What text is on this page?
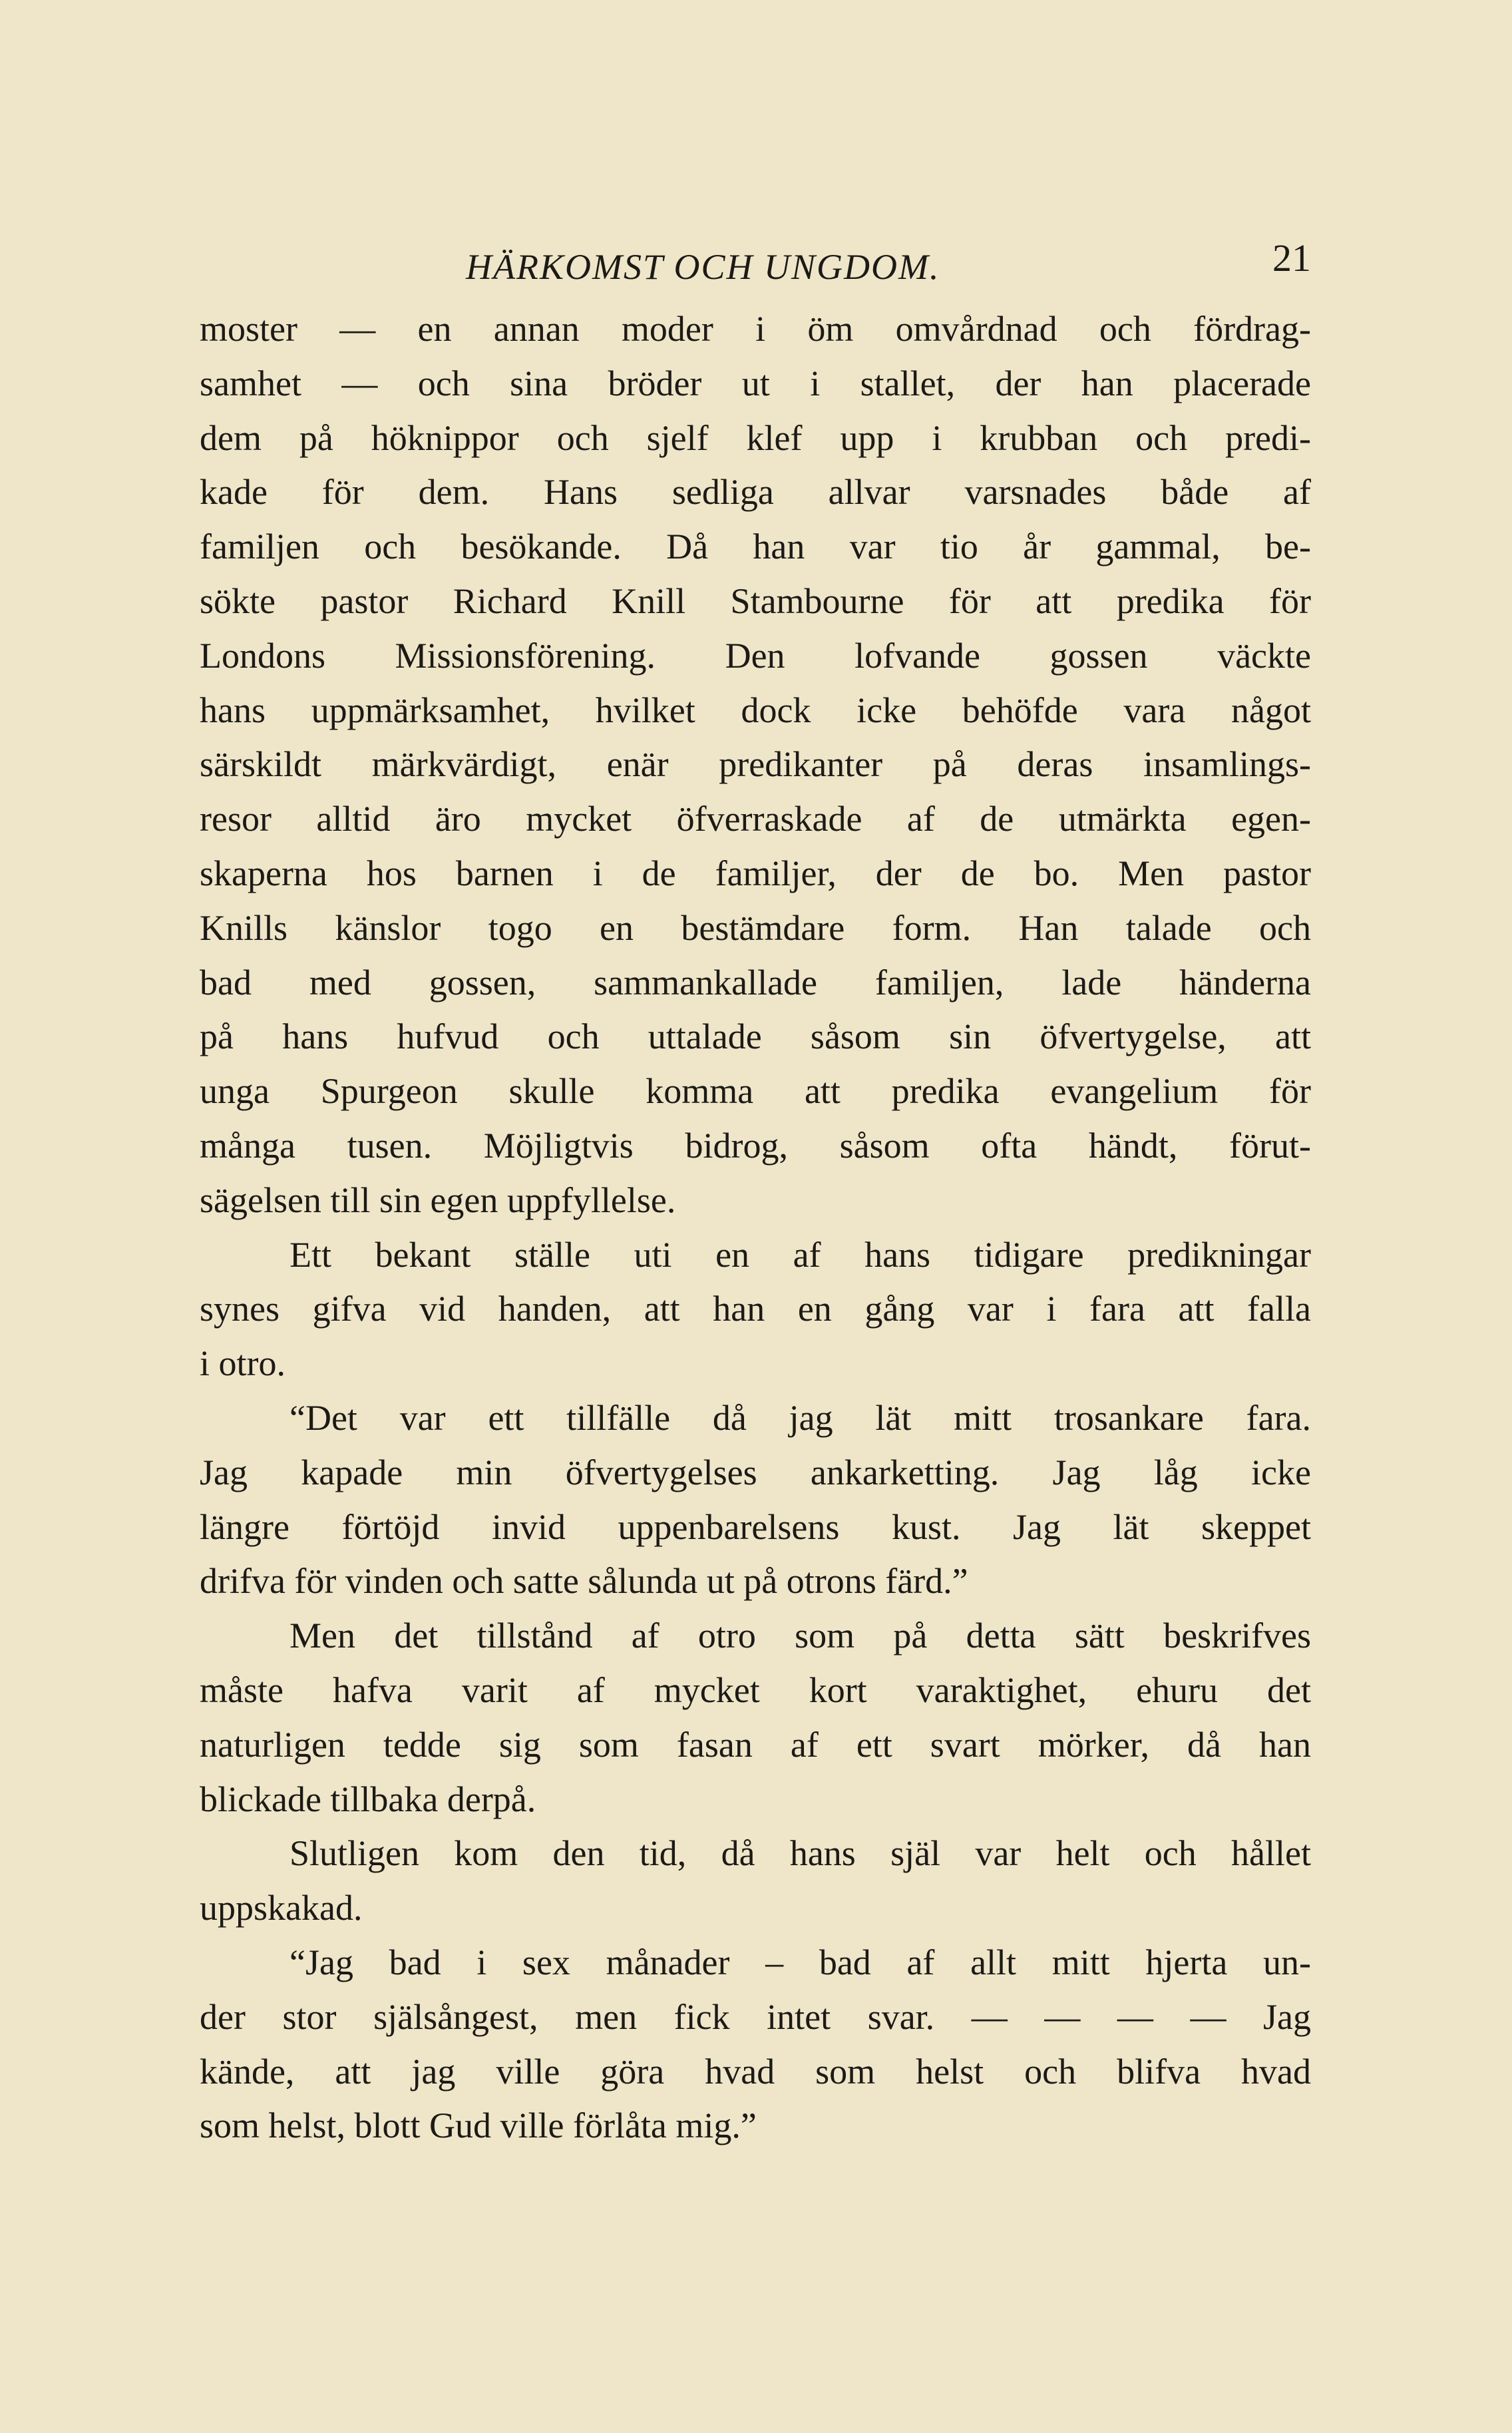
HÄRKOMST OCH UNGDOM.	21
moster — en annan moder i öm omvårdnad och fördrag-
samhet — och sina bröder ut i stallet, der han placerade
dem på höknippor och sjelf klef upp i krubban och predi-
kade för dem. Hans sedliga allvar varsnades både af
familjen och besökande. Då han var tio år gammal, be-
sökte pastor Richard Knill Stambourne för att predika för
Londons Missionsförening. Den lofvande gossen väckte
hans uppmärksamhet, hvilket dock icke behöfde vara något
särskildt märkvärdigt, enär predikanter på deras insamlings-
resor alltid äro mycket öfverraskade af de utmärkta egen-
skaperna hos barnen i de familjer, der de bo. Men pastor
Knills känslor togo en bestämdare form. Han talade och
bad med gossen, sammankallade familjen, lade händerna
på hans hufvud och uttalade såsom sin öfvertygelse, att
unga Spurgeon skulle komma att predika evangelium för
många tusen. Möjligtvis bidrog, såsom ofta händt, förut-
sägelsen till sin egen uppfyllelse.
Ett bekant ställe uti en af hans tidigare predikningar
synes gifva vid handen, att han en gång var i fara att falla
i otro.
“Det var ett tillfälle då jag lät mitt trosankare fara.
Jag kapade min öfvertygelses ankarketting. Jag låg icke
längre förtöjd invid uppenbarelsens kust. Jag lät skeppet
drifva för vinden och satte sålunda ut på otrons färd.”
Men det tillstånd af otro som på detta sätt beskrifves
måste hafva varit af mycket kort varaktighet, ehuru det
naturligen tedde sig som fasan af ett svart mörker, då han
blickade tillbaka derpå.
Slutligen kom den tid, då hans själ var helt och hållet
uppskakad.
“Jag bad i sex månader – bad af allt mitt hjerta un-
der stor själsångest, men fick intet svar. — — — — Jag
kände, att jag ville göra hvad som helst och blifva hvad
som helst, blott Gud ville förlåta mig.”
